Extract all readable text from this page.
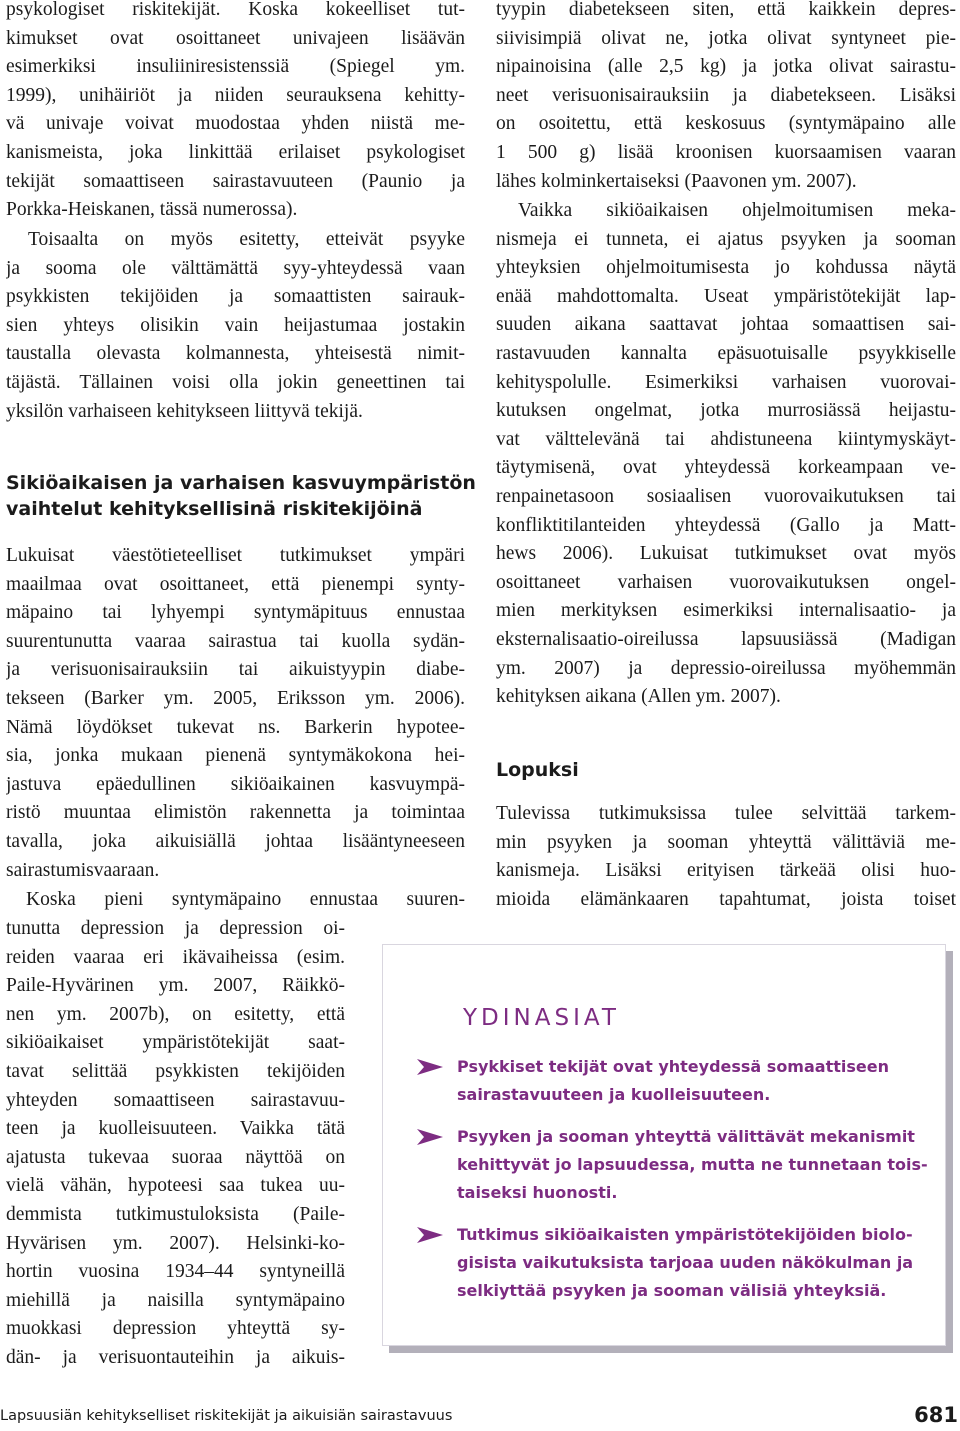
psykologiset riskitekijät. Koska kokeelliset tut-
kimukset ovat osoittaneet univajeen lisäävän
esimerkiksi insuliiniresistenssiä (Spiegel ym.
1999), unihäiriöt ja niiden seurauksena kehitty-
vä univaje voivat muodostaa yhden niistä me-
kanismeista, joka linkittää erilaiset psykologiset
tekijät somaattiseen sairastavuuteen (Paunio ja
Porkka-Heiskanen, tässä numerossa).
Toisaalta on myös esitetty, etteivät psyyke
ja sooma ole välttämättä syy-yhteydessä vaan
psykkisten tekijöiden ja somaattisten sairauk-
sien yhteys olisikin vain heijastumaa jostakin
taustalla olevasta kolmannesta, yhteisestä nimit-
täjästä. Tällainen voisi olla jokin geneettinen tai
yksilön varhaiseen kehitykseen liittyvä tekijä.
Sikiöaikaisen ja varhaisen kasvuympäristön
vaihtelut kehityksellisinä riskitekijöinä
Lukuisat väestötieteelliset tutkimukset ympäri
maailmaa ovat osoittaneet, että pienempi synty-
mäpaino tai lyhyempi syntymäpituus ennustaa
suurentunutta vaaraa sairastua tai kuolla sydän-
ja verisuonisairauksiin tai aikuistyypin diabe-
tekseen (Barker ym. 2005, Eriksson ym. 2006).
Nämä löydökset tukevat ns. Barkerin hypotee-
sia, jonka mukaan pienenä syntymäkokona hei-
jastuva epäedullinen sikiöaikainen kasvuympä-
ristö muuntaa elimistön rakennetta ja toimintaa
tavalla, joka aikuisiällä johtaa lisääntyneeseen
sairastumisvaaraan.
Koska pieni syntymäpaino ennustaa suuren-
tunutta depression ja depression oi-
reiden vaaraa eri ikävaiheissa (esim.
Paile-Hyvärinen ym. 2007, Räikkö-
nen ym. 2007b), on esitetty, että
sikiöaikaiset ympäristötekijät saat-
tavat selittää psykkisten tekijöiden
yhteyden somaattiseen sairastavuu-
teen ja kuolleisuuteen. Vaikka tätä
ajatusta tukevaa suoraa näyttöä on
vielä vähän, hypoteesi saa tukea uu-
demmista tutkimustuloksista (Paile-
Hyvärisen ym. 2007). Helsinki-ko-
hortin vuosina 1934–44 syntyneillä
miehillä ja naisilla syntymäpaino
muokkasi depression yhteyttä sy-
dän- ja verisuontauteihin ja aikuis-
tyypin diabetekseen siten, että kaikkein depres-
siivisimpiä olivat ne, jotka olivat syntyneet pie-
nipainoisina (alle 2,5 kg) ja jotka olivat sairastu-
neet verisuonisairauksiin ja diabetekseen. Lisäksi
on osoitettu, että keskosuus (syntymäpaino alle
1 500 g) lisää kroonisen kuorsaamisen vaaran
lähes kolminkertaiseksi (Paavonen ym. 2007).
Vaikka sikiöaikaisen ohjelmoitumisen meka-
nismeja ei tunneta, ei ajatus psyyken ja sooman
yhteyksien ohjelmoitumisesta jo kohdussa näytä
enää mahdottomalta. Useat ympäristötekijät lap-
suuden aikana saattavat johtaa somaattisen sai-
rastavuuden kannalta epäsuotuisalle psyykkiselle
kehityspolulle. Esimerkiksi varhaisen vuorovai-
kutuksen ongelmat, jotka murrosiässä heijastu-
vat välttelevänä tai ahdistuneena kiintymyskäyt-
täytymisenä, ovat yhteydessä korkeampaan ve-
renpainetasoon sosiaalisen vuorovaikutuksen tai
konfliktitilanteiden yhteydessä (Gallo ja Matt-
hews 2006). Lukuisat tutkimukset ovat myös
osoittaneet varhaisen vuorovaikutuksen ongel-
mien merkityksen esimerkiksi internalisaatio- ja
eksternalisaatio-oireilussa lapsuusiässä (Madigan
ym. 2007) ja depressio-oireilussa myöhemmän
kehityksen aikana (Allen ym. 2007).
Lopuksi
Tulevissa tutkimuksissa tulee selvittää tarkem-
min psyyken ja sooman yhteyttä välittäviä me-
kanismeja. Lisäksi erityisen tärkeää olisi huo-
mioida elämänkaaren tapahtumat, joista toiset
YDINASIAT
Psykkiset tekijät ovat yhteydessä somaattiseen
sairastavuuteen ja kuolleisuuteen.
Psyyken ja sooman yhteyttä välittävät mekanismit
kehittyvät jo lapsuudessa, mutta ne tunnetaan tois-
taiseksi huonosti.
Tutkimus sikiöaikaisten ympäristötekijöiden biolo-
gisista vaikutuksista tarjoaa uuden näkökulman ja
selkiyttää psyyken ja sooman välisiä yhteyksiä.
Lapsuusiän kehitykselliset riskitekijät ja aikuisiän sairastavuus	681
